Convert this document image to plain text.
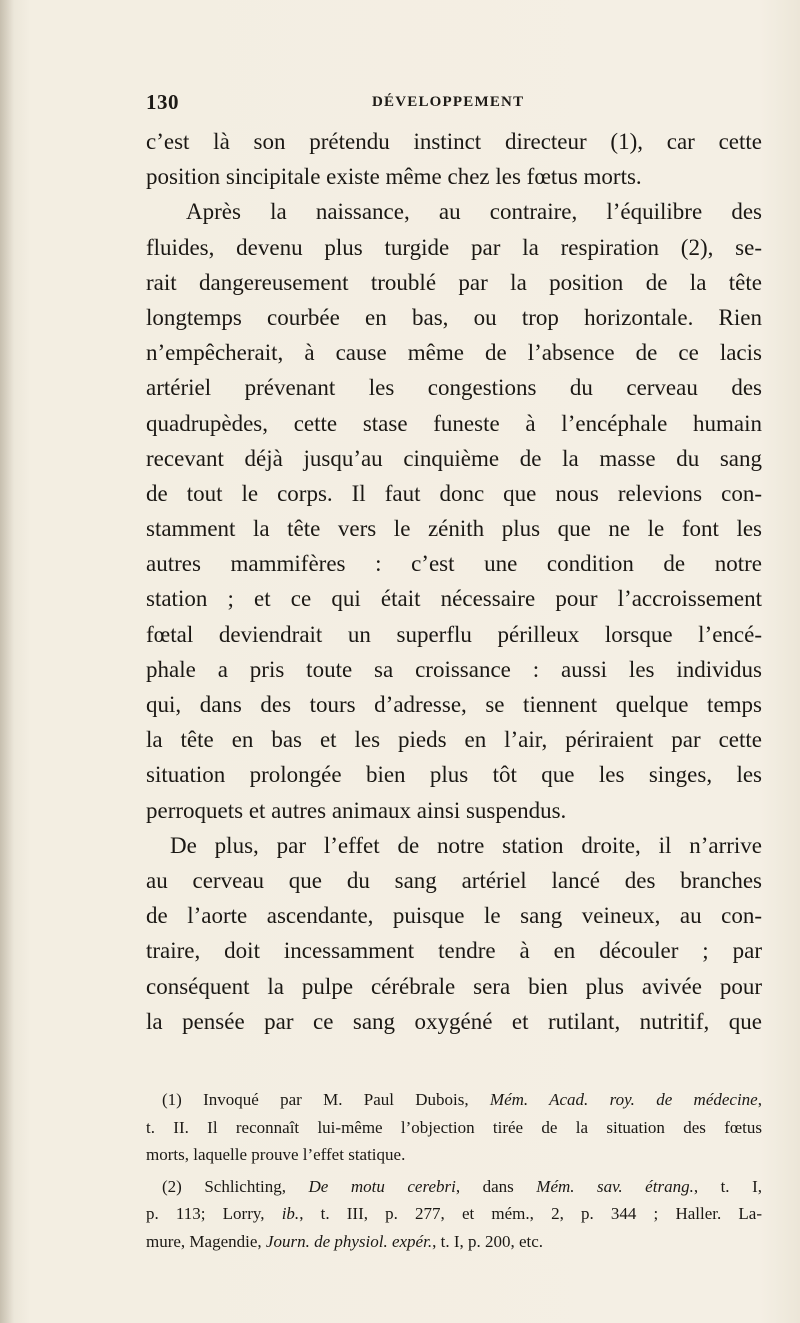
130	DÉVELOPPEMENT
c’est là son prétendu instinct directeur (1), car cette
position sincipitale existe même chez les fœtus morts.
Après la naissance, au contraire, l’équilibre des
fluides, devenu plus turgide par la respiration (2), se-
rait dangereusement troublé par la position de la tête
longtemps courbée en bas, ou trop horizontale. Rien
n’empêcherait, à cause même de l’absence de ce lacis
artériel prévenant les congestions du cerveau des
quadrupèdes, cette stase funeste à l’encéphale humain
recevant déjà jusqu’au cinquième de la masse du sang
de tout le corps. Il faut donc que nous relevions con-
stamment la tête vers le zénith plus que ne le font les
autres mammifères : c’est une condition de notre
station ; et ce qui était nécessaire pour l’accroissement
fœtal deviendrait un superflu périlleux lorsque l’encé-
phale a pris toute sa croissance : aussi les individus
qui, dans des tours d’adresse, se tiennent quelque temps
la tête en bas et les pieds en l’air, périraient par cette
situation prolongée bien plus tôt que les singes, les
perroquets et autres animaux ainsi suspendus.
De plus, par l’effet de notre station droite, il n’arrive
au cerveau que du sang artériel lancé des branches
de l’aorte ascendante, puisque le sang veineux, au con-
traire, doit incessamment tendre à en découler ; par
conséquent la pulpe cérébrale sera bien plus avivée pour
la pensée par ce sang oxygéné et rutilant, nutritif, que
(1) Invoqué par M. Paul Dubois, Mém. Acad. roy. de médecine,
t. II. Il reconnaît lui-même l’objection tirée de la situation des fœtus
morts, laquelle prouve l’effet statique.
(2) Schlichting, De motu cerebri, dans Mém. sav. étrang., t. I,
p. 113; Lorry, ib., t. III, p. 277, et mém., 2, p. 344 ; Haller. La-
mure, Magendie, Journ. de physiol. expér., t. I, p. 200, etc.
